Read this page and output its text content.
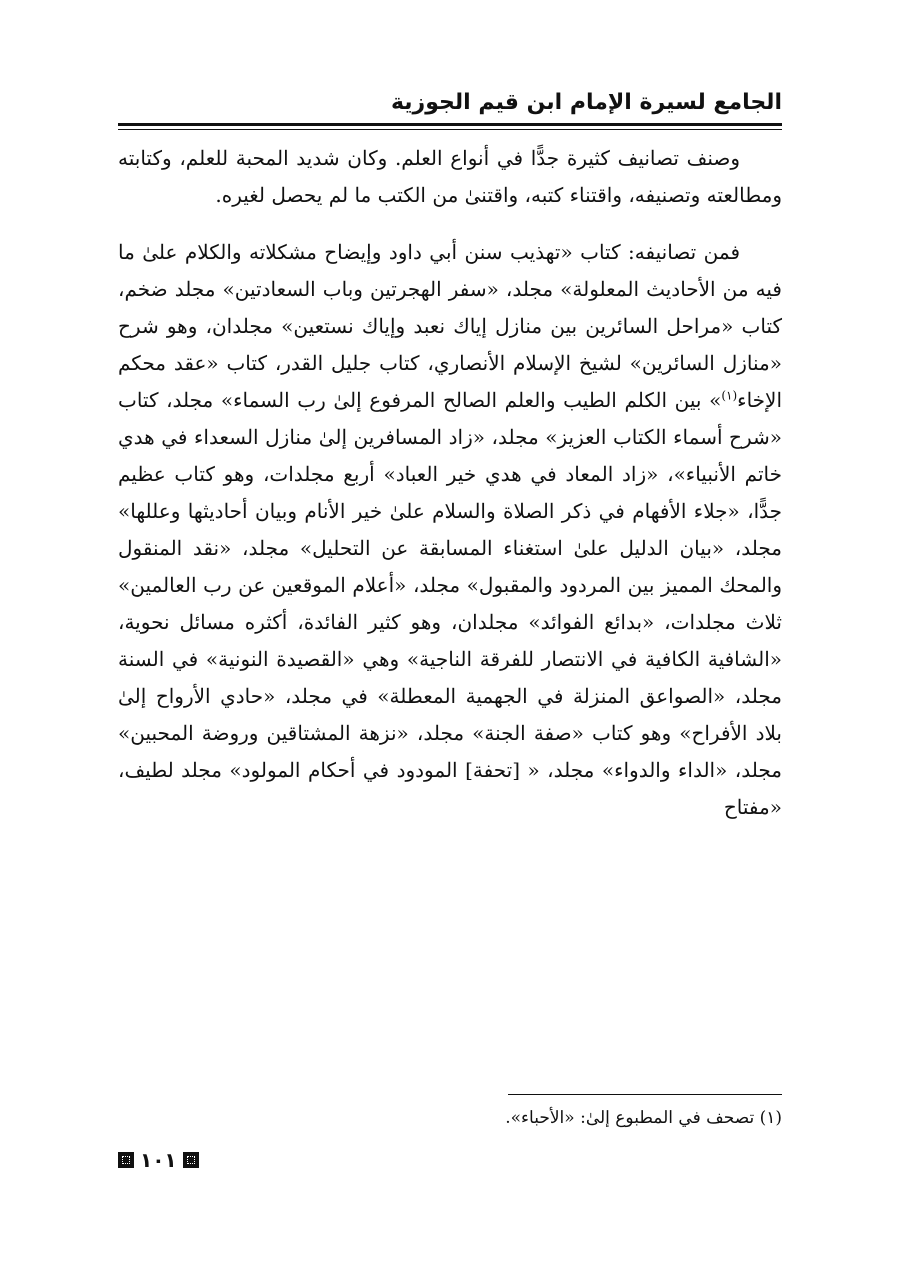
الجامع لسيرة الإمام ابن قيم الجوزية

وصنف تصانيف كثيرة جدًّا في أنواع العلم. وكان شديد المحبة للعلم، وكتابته ومطالعته وتصنيفه، واقتناء كتبه، واقتنىٰ من الكتب ما لم يحصل لغيره.

فمن تصانيفه: كتاب «تهذيب سنن أبي داود وإيضاح مشكلاته والكلام علىٰ ما فيه من الأحاديث المعلولة» مجلد، «سفر الهجرتين وباب السعادتين» مجلد ضخم، كتاب «مراحل السائرين بين منازل إياك نعبد وإياك نستعين» مجلدان، وهو شرح «منازل السائرين» لشيخ الإسلام الأنصاري، كتاب جليل القدر، كتاب «عقد محكم الإخاء$^{(١)}$» بين الكلم الطيب والعلم الصالح المرفوع إلىٰ رب السماء» مجلد، كتاب «شرح أسماء الكتاب العزيز» مجلد، «زاد المسافرين إلىٰ منازل السعداء في هدي خاتم الأنبياء»، «زاد المعاد في هدي خير العباد» أربع مجلدات، وهو كتاب عظيم جدًّا، «جلاء الأفهام في ذكر الصلاة والسلام علىٰ خير الأنام وبيان أحاديثها وعللها» مجلد، «بيان الدليل علىٰ استغناء المسابقة عن التحليل» مجلد، «نقد المنقول والمحك المميز بين المردود والمقبول» مجلد، «أعلام الموقعين عن رب العالمين» ثلاث مجلدات، «بدائع الفوائد» مجلدان، وهو كثير الفائدة، أكثره مسائل نحوية، «الشافية الكافية في الانتصار للفرقة الناجية» وهي «القصيدة النونية» في السنة مجلد، «الصواعق المنزلة في الجهمية المعطلة» في مجلد، «حادي الأرواح إلىٰ بلاد الأفراح» وهو كتاب «صفة الجنة» مجلد، «نزهة المشتاقين وروضة المحبين» مجلد، «الداء والدواء» مجلد، « [تحفة] المودود في أحكام المولود» مجلد لطيف، «مفتاح

(١) تصحف في المطبوع إلىٰ: «الأحباء».

١٠١
